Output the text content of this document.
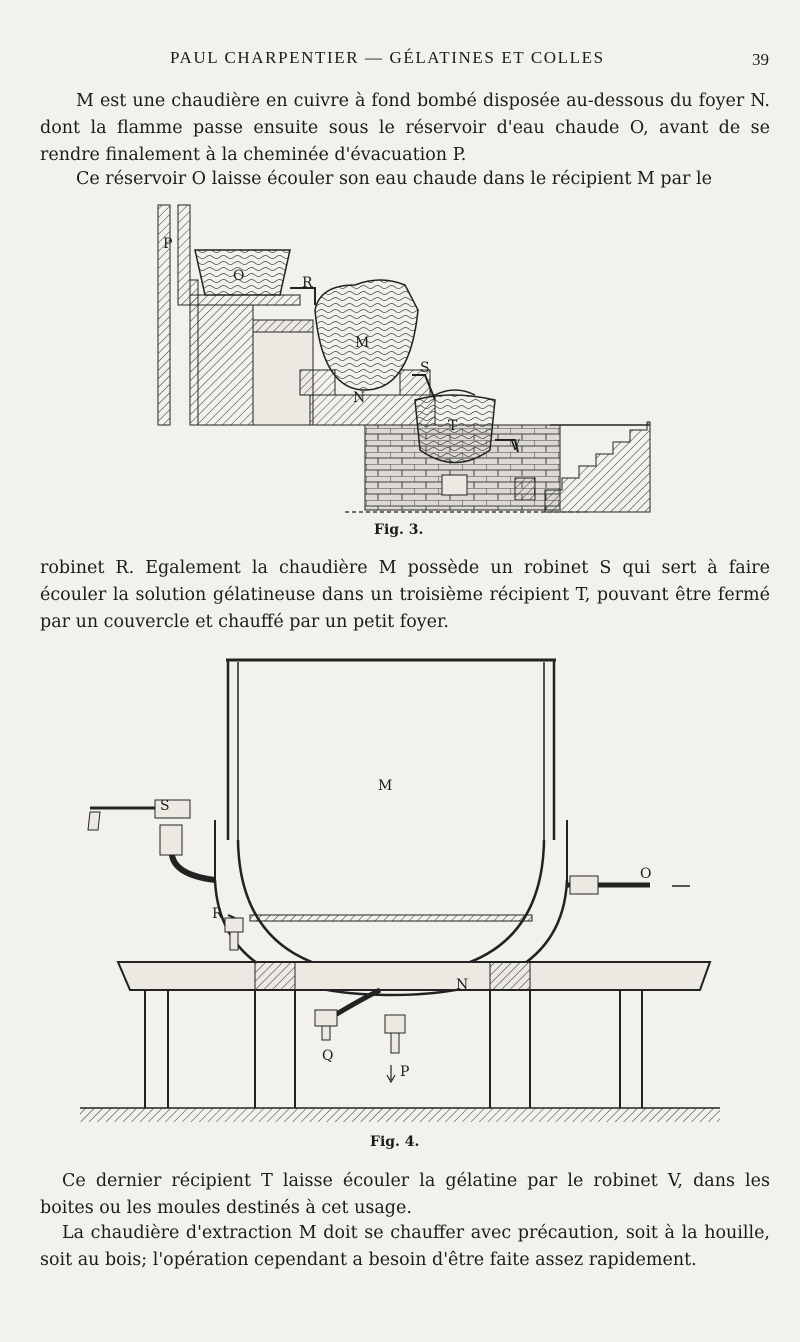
PAUL CHARPENTIER — GÉLATINES ET COLLES	39

M est une chaudière en cuivre à fond bombé disposée au-dessous du foyer N. dont la flamme passe ensuite sous le réservoir d'eau chaude O, avant de se rendre finalement à la cheminée d'évacuation P.

Ce réservoir O laisse écouler son eau chaude dans le récipient M par le

P
O	R
M
S
N
T
V
Fig. 3.

robinet R. Egalement la chaudière M possède un robinet S qui sert à faire écouler la solution gélatineuse dans un troisième récipient T, pouvant être fermé par un couvercle et chauffé par un petit foyer.

M
S
R
O
N
Q
P
Fig. 4.

Ce dernier récipient T laisse écouler la gélatine par le robinet V, dans les boites ou les moules destinés à cet usage.

La chaudière d'extraction M doit se chauffer avec précaution, soit à la houille, soit au bois; l'opération cependant a besoin d'être faite assez rapidement.
